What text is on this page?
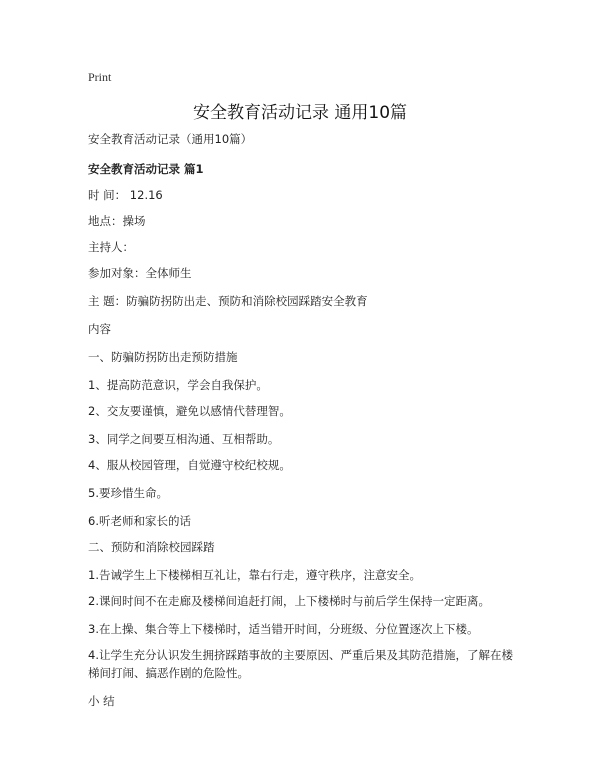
Print
安全教育活动记录 通用10篇

安全教育活动记录（通用10篇）

安全教育活动记录 篇1

时 间： 12.16

地点：操场

主持人：

参加对象：全体师生

主 题：防骗防拐防出走、预防和消除校园踩踏安全教育

内容

一、防骗防拐防出走预防措施

1、提高防范意识，学会自我保护。

2、交友要谨慎，避免以感情代替理智。

3、同学之间要互相沟通、互相帮助。

4、服从校园管理，自觉遵守校纪校规。

5.要珍惜生命。

6.听老师和家长的话

二、预防和消除校园踩踏

1.告诫学生上下楼梯相互礼让，靠右行走，遵守秩序，注意安全。

2.课间时间不在走廊及楼梯间追赶打闹，上下楼梯时与前后学生保持一定距离。

3.在上操、集合等上下楼梯时，适当错开时间，分班级、分位置逐次上下楼。

4.让学生充分认识发生拥挤踩踏事故的主要原因、严重后果及其防范措施，了解在楼梯间打闹、搞恶作剧的危险性。

小 结
